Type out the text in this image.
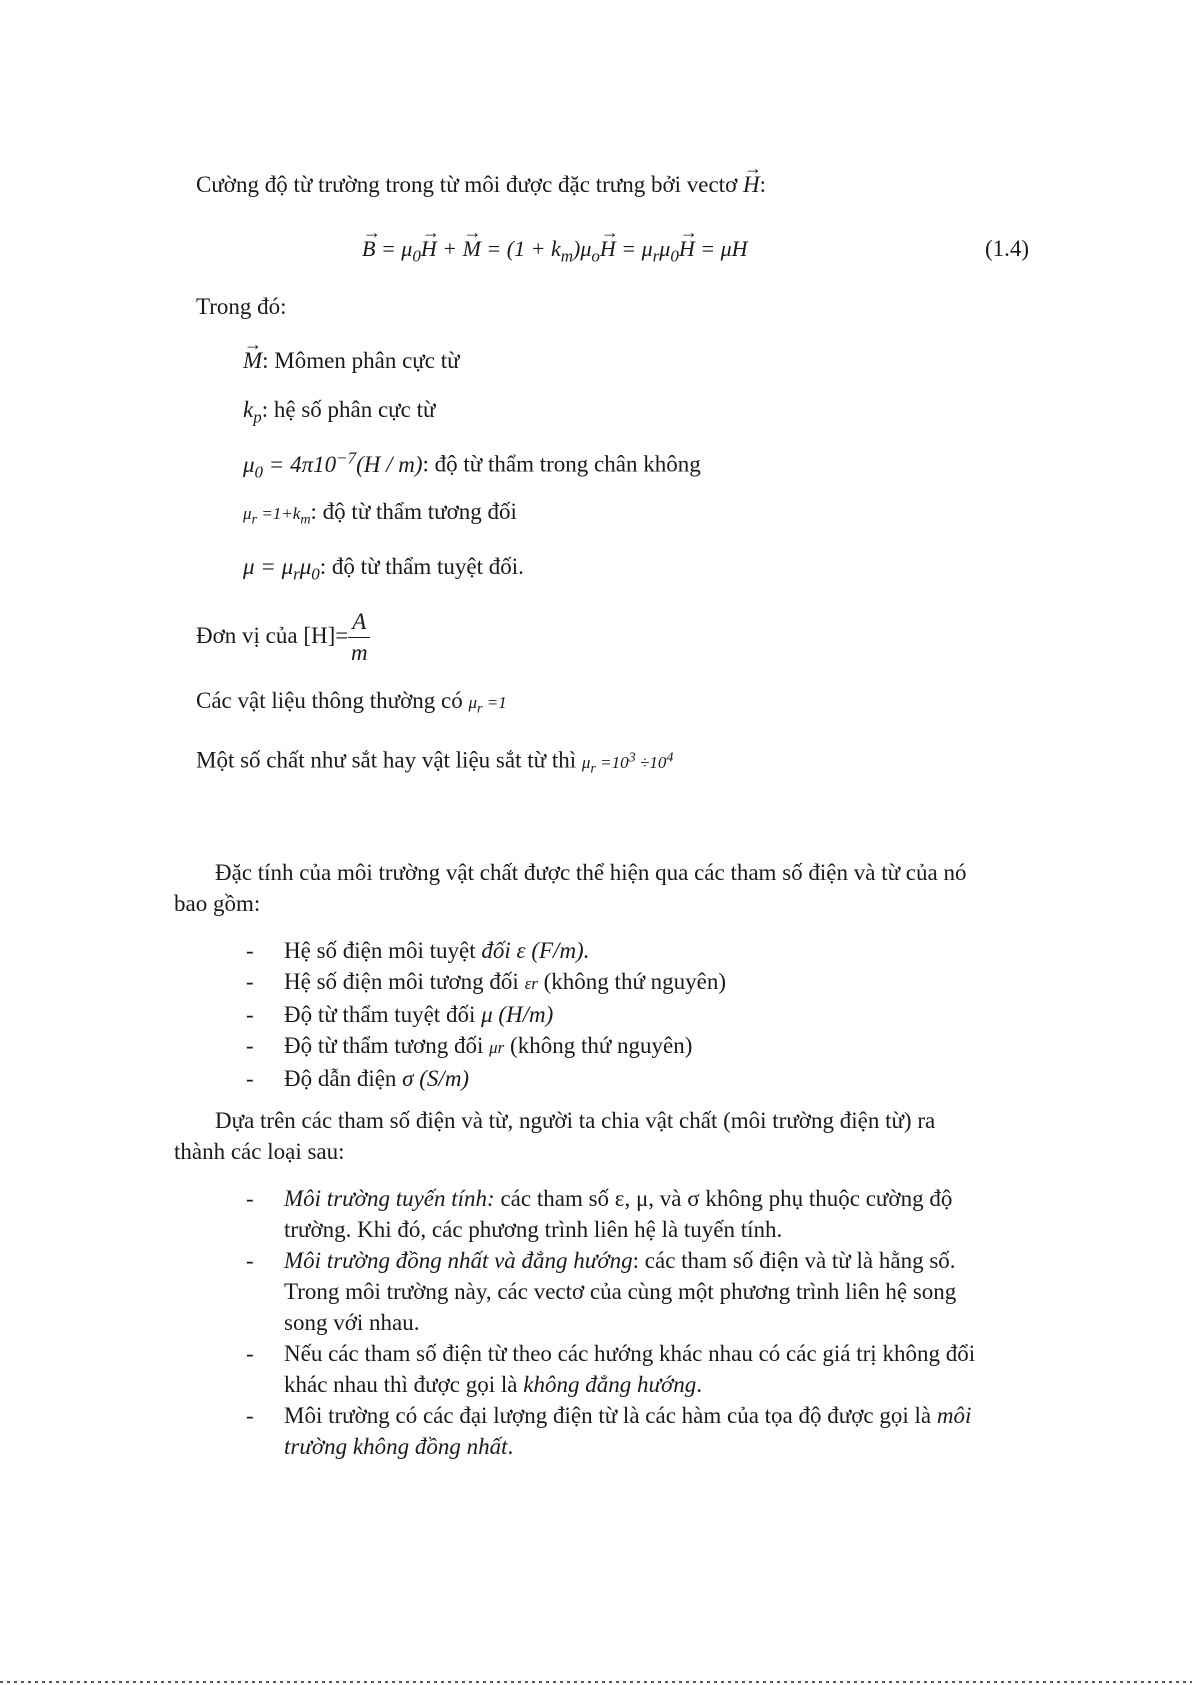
Cường độ từ trường trong từ môi được đặc trưng bởi vectơ → H:
→ $B = \mu_0\to H$ + → $M = (1 + k_m)\mu_o\to H = \mu_r\mu_0\to H = \mu H$	(1.4)
Trong đó:
→ M: Mômen phân cực từ
$k_p$: hệ số phân cực từ
$\mu_0 = 4\pi 10^{-7}(H / m)$: độ từ thẩm trong chân không
$\mu_r =1+k_m$: độ từ thẩm tương đối
$\mu = \mu_r\mu_0$: độ từ thẩm tuyệt đối.
Đơn vị của $[H]= \frac{A}{m}$
Các vật liệu thông thường có $\mu_r =1$
Một số chất như sắt hay vật liệu sắt từ thì $\mu_r =10^3 \div 10^4$
Đặc tính của môi trường vật chất được thể hiện qua các tham số điện và từ của nó
bao gồm:
- Hệ số điện môi tuyệt đối ε (F/m).
- Hệ số điện môi tương đối εr (không thứ nguyên)
- Độ từ thẩm tuyệt đối μ (H/m)
- Độ từ thẩm tương đối μr (không thứ nguyên)
- Độ dẫn điện σ (S/m)
Dựa trên các tham số điện và từ, người ta chia vật chất (môi trường điện từ) ra
thành các loại sau:
- Môi trường tuyến tính: các tham số ε, μ, và σ không phụ thuộc cường độ
trường. Khi đó, các phương trình liên hệ là tuyến tính.
- Môi trường đồng nhất và đẳng hướng: các tham số điện và từ là hằng số.
Trong môi trường này, các vectơ của cùng một phương trình liên hệ song
song với nhau.
- Nếu các tham số điện từ theo các hướng khác nhau có các giá trị không đổi
khác nhau thì được gọi là không đẳng hướng.
- Môi trường có các đại lượng điện từ là các hàm của tọa độ được gọi là môi
trường không đồng nhất.
